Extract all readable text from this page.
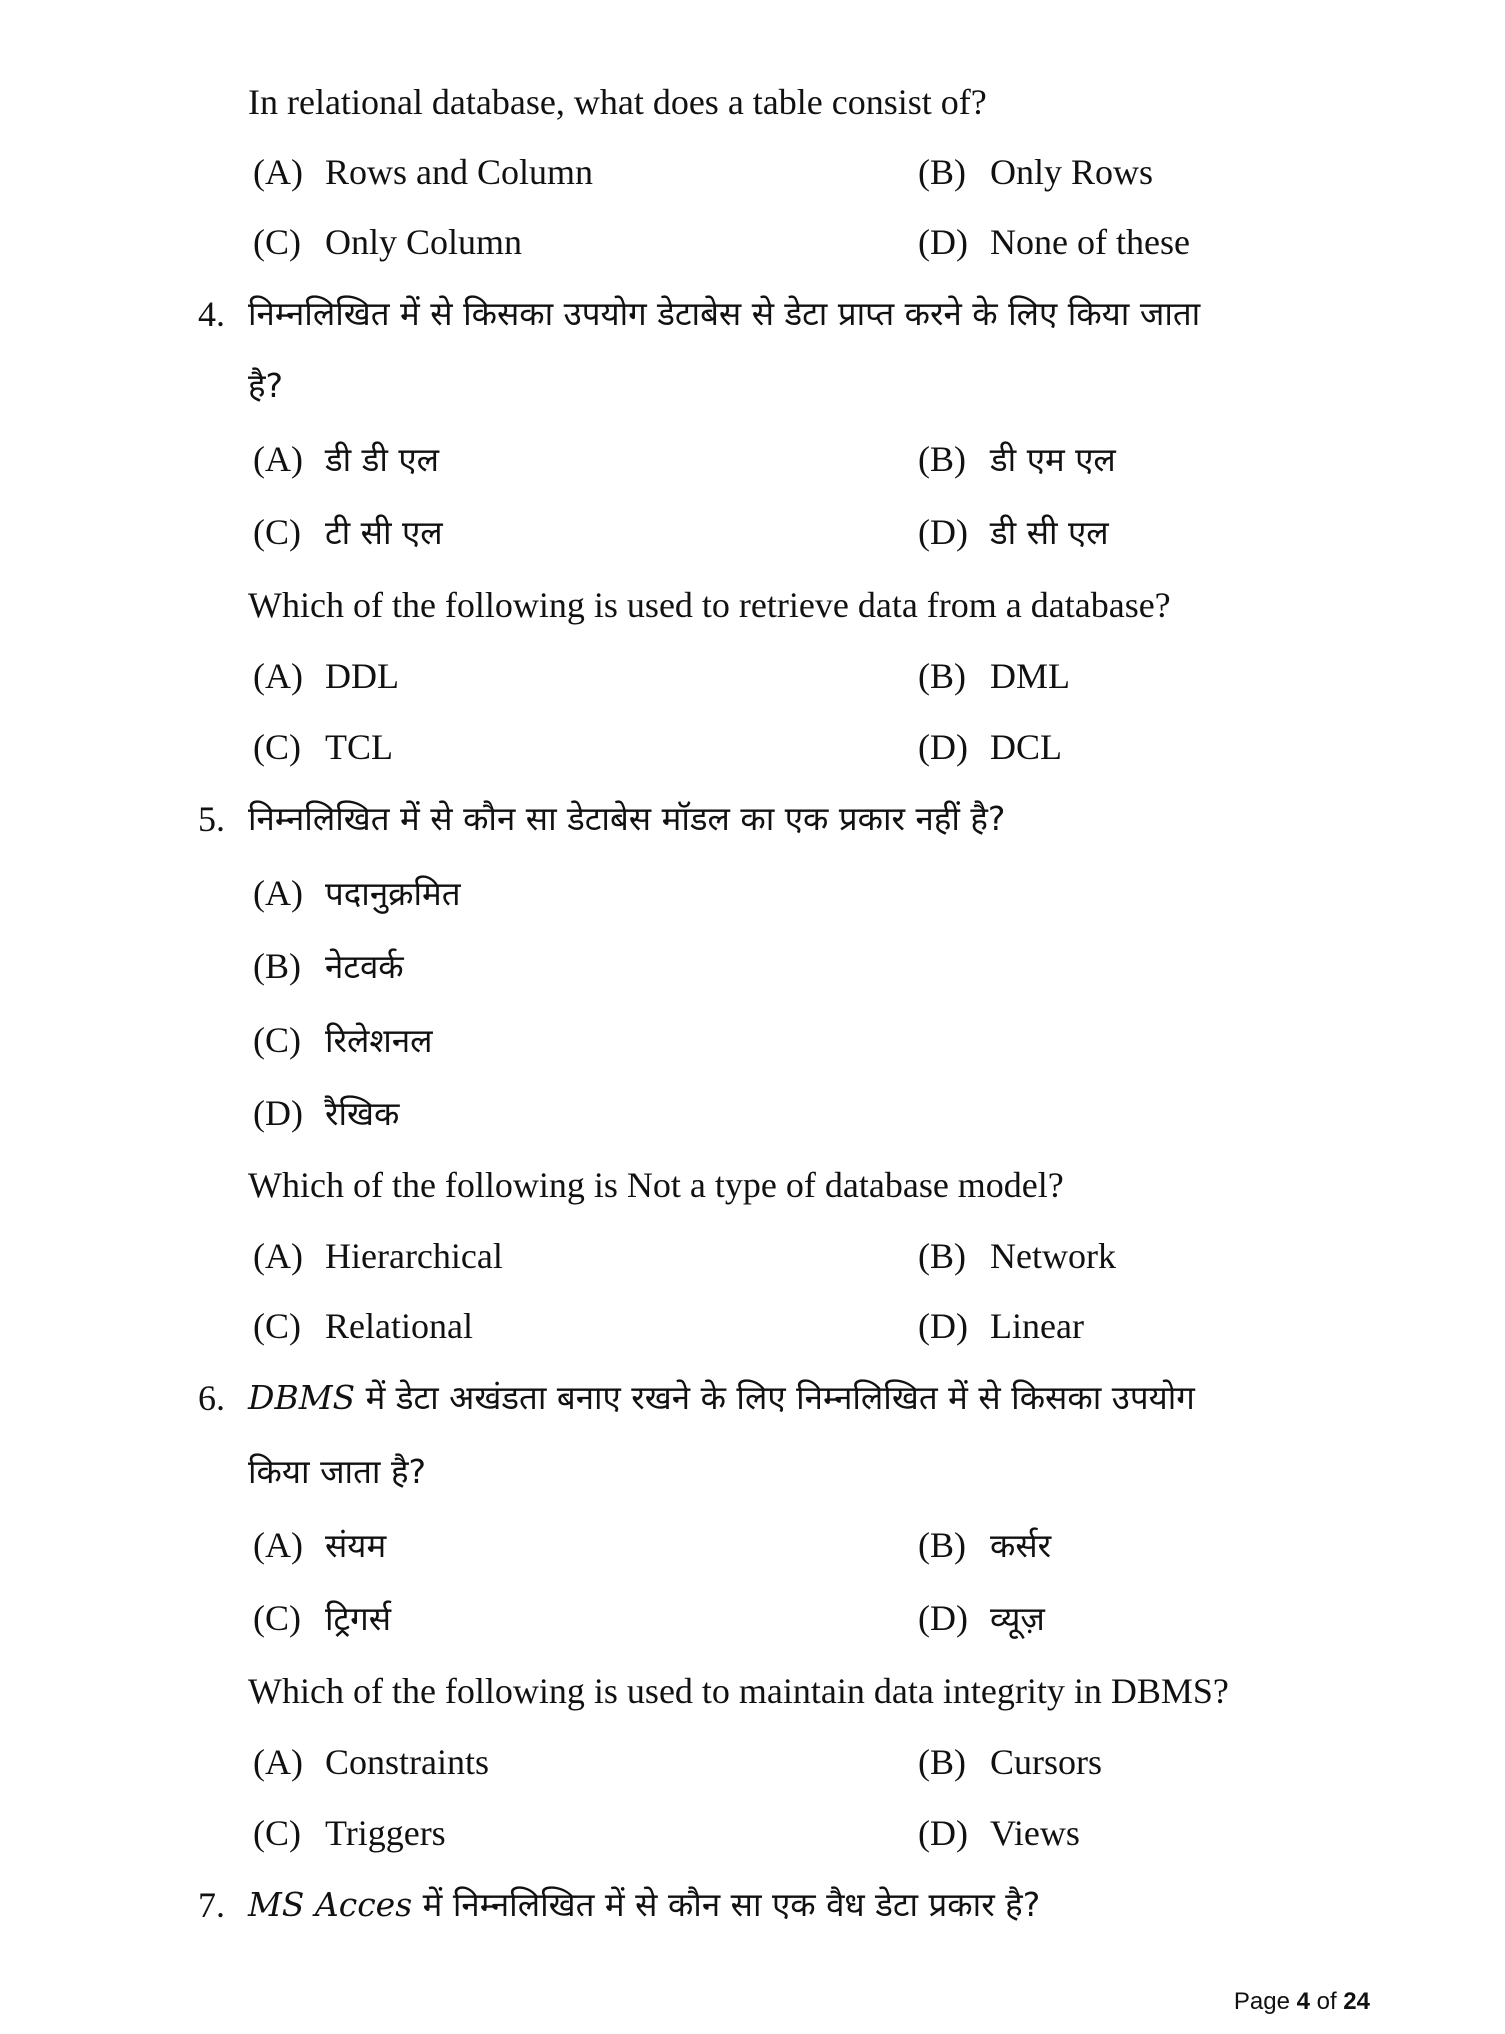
In relational database, what does a table consist of?
(A) Rows and Column	(B) Only Rows
(C) Only Column	(D) None of these
4. निम्नलिखित में से किसका उपयोग डेटाबेस से डेटा प्राप्त करने के लिए किया जाता
है?
(A) डी डी एल	(B) डी एम एल
(C) टी सी एल	(D) डी सी एल
Which of the following is used to retrieve data from a database?
(A) DDL	(B) DML
(C) TCL	(D) DCL
5. निम्नलिखित में से कौन सा डेटाबेस मॉडल का एक प्रकार नहीं है?
(A) पदानुक्रमित
(B) नेटवर्क
(C) रिलेशनल
(D) रैखिक
Which of the following is Not a type of database model?
(A) Hierarchical	(B) Network
(C) Relational	(D) Linear
6. DBMS में डेटा अखंडता बनाए रखने के लिए निम्नलिखित में से किसका उपयोग
किया जाता है?
(A) संयम	(B) कर्सर
(C) ट्रिगर्स	(D) व्यूज़
Which of the following is used to maintain data integrity in DBMS?
(A) Constraints	(B) Cursors
(C) Triggers	(D) Views
7. MS Acces में निम्नलिखित में से कौन सा एक वैध डेटा प्रकार है?
Page 4 of 24
